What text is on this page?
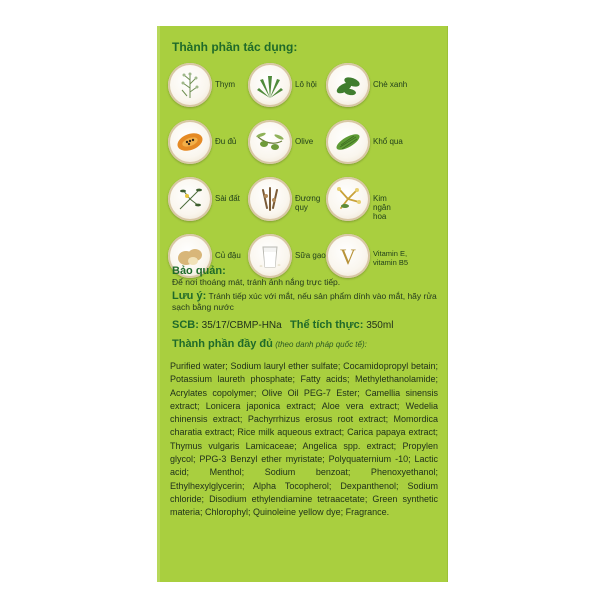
Thành phần tác dụng:
Thym	Lô hội	Chè xanh
Đu đủ	Olive	Khổ qua
Sài đất	Đương quy
Kim ngân hoa
Củ đậu	Sữa gạo V Vitamin E, vitamin B5
Bảo quản:
Để nơi thoáng mát, tránh ánh nắng trực tiếp.
Lưu ý: Tránh tiếp xúc với mắt, nếu sản phẩm dính vào mắt, hãy rửa sạch bằng nước
SCB: 35/17/CBMP-HNa Thể tích thực: 350ml
Thành phần đầy đủ (theo danh pháp quốc tế):
Purified water; Sodium lauryl ether sulfate; Cocamidopropyl betain; Potassium laureth phosphate; Fatty acids; Methylethanolamide; Acrylates copolymer; Olive Oil PEG-7 Ester; Camellia sinensis extract; Lonicera japonica extract; Aloe vera extract; Wedelia chinensis extract; Pachyrrhizus erosus root extract; Momordica charatia extract; Rice milk aqueous extract; Carica papaya extract; Thymus vulgaris Lamicaceae; Angelica spp. extract; Propylen glycol; PPG-3 Benzyl ether myristate; Polyquaternium -10; Lactic acid; Menthol; Sodium benzoat; Phenoxyethanol; Ethylhexylglycerin; Alpha Tocopherol; Dexpanthenol; Sodium chloride; Disodium ethylendiamine tetraacetate; Green synthetic materia; Chlorophyl; Quinoleine yellow dye; Fragrance.
